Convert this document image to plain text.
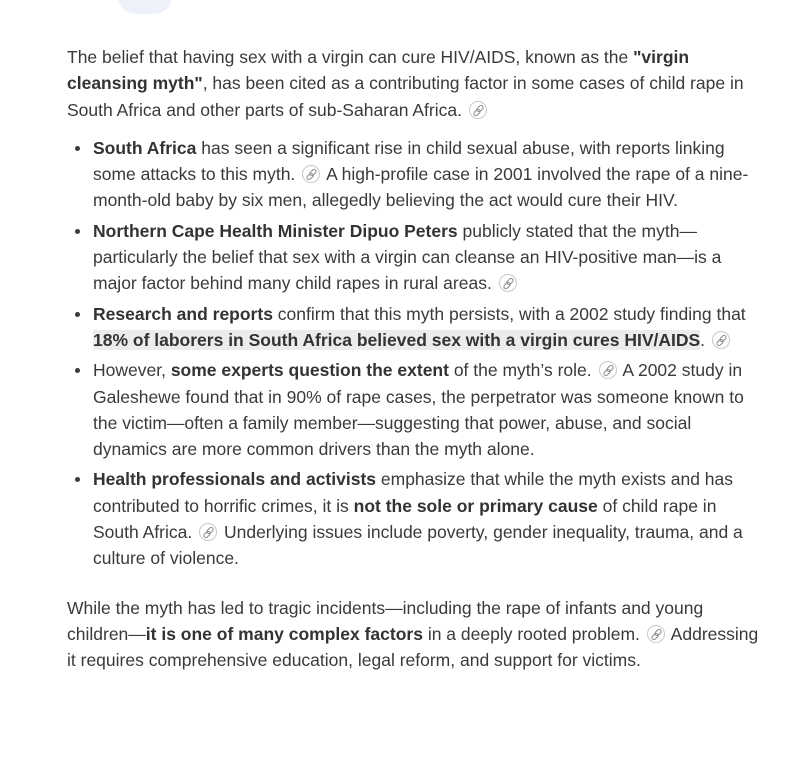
The belief that having sex with a virgin can cure HIV/AIDS, known as the "virgin cleansing myth", has been cited as a contributing factor in some cases of child rape in South Africa and other parts of sub-Saharan Africa.

South Africa has seen a significant rise in child sexual abuse, with reports linking some attacks to this myth.  A high-profile case in 2001 involved the rape of a nine-month-old baby by six men, allegedly believing the act would cure their HIV.
Northern Cape Health Minister Dipuo Peters publicly stated that the myth—particularly the belief that sex with a virgin can cleanse an HIV-positive man—is a major factor behind many child rapes in rural areas.
Research and reports confirm that this myth persists, with a 2002 study finding that 18% of laborers in South Africa believed sex with a virgin cures HIV/AIDS.
However, some experts question the extent of the myth’s role.  A 2002 study in Galeshewe found that in 90% of rape cases, the perpetrator was someone known to the victim—often a family member—suggesting that power, abuse, and social dynamics are more common drivers than the myth alone.
Health professionals and activists emphasize that while the myth exists and has contributed to horrific crimes, it is not the sole or primary cause of child rape in South Africa.  Underlying issues include poverty, gender inequality, trauma, and a culture of violence.

While the myth has led to tragic incidents—including the rape of infants and young children—it is one of many complex factors in a deeply rooted problem.  Addressing it requires comprehensive education, legal reform, and support for victims.
